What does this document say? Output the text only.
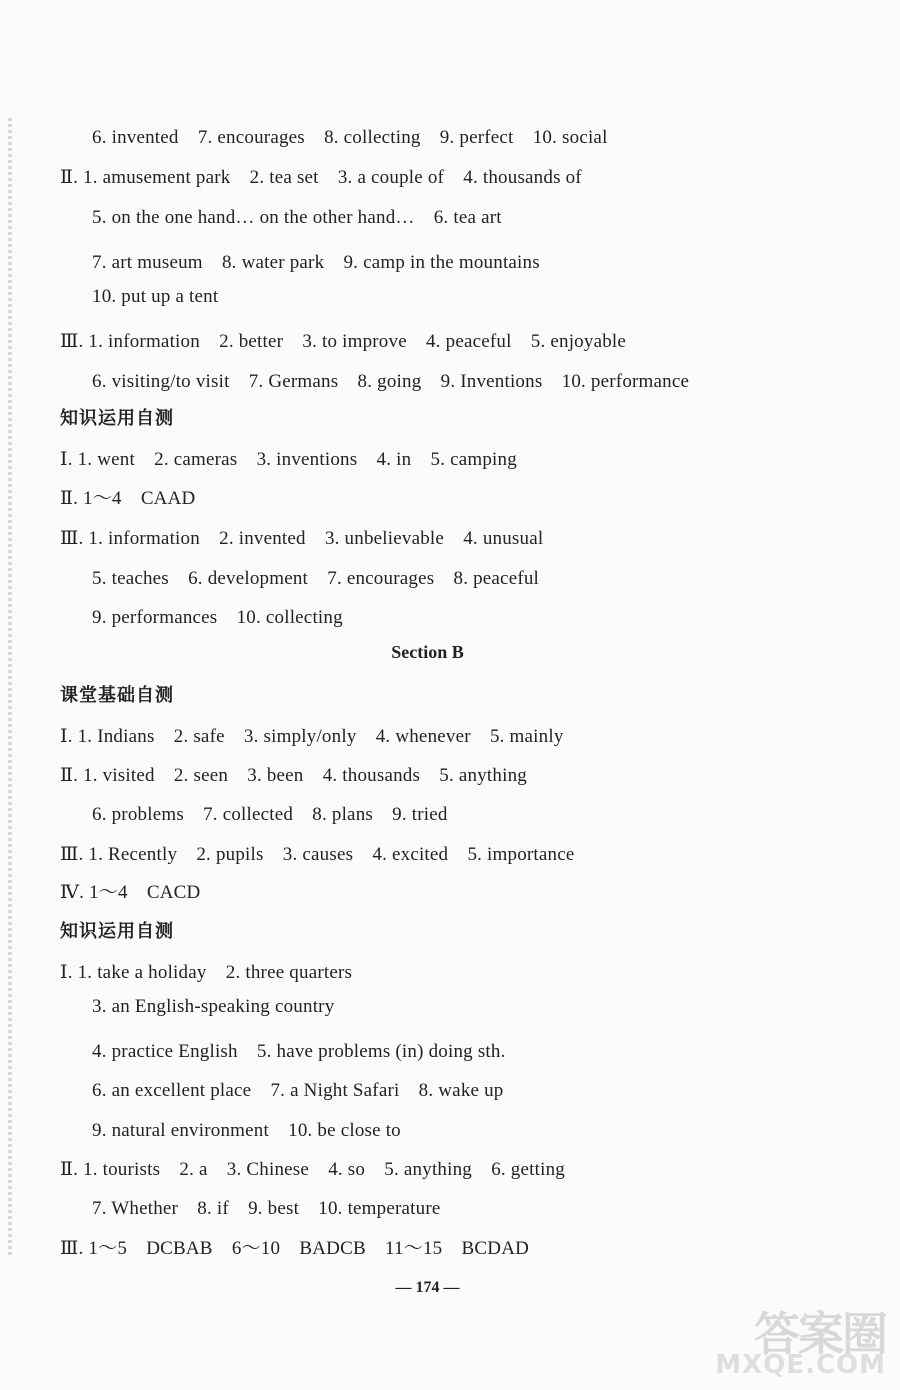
6. invented　7. encourages　8. collecting　9. perfect　10. social
Ⅱ. 1. amusement park　2. tea set　3. a couple of　4. thousands of
5. on the one hand… on the other hand…　6. tea art
7. art museum　8. water park　9. camp in the mountains
10. put up a tent
Ⅲ. 1. information　2. better　3. to improve　4. peaceful　5. enjoyable
6. visiting/to visit　7. Germans　8. going　9. Inventions　10. performance
知识运用自测
Ⅰ. 1. went　2. cameras　3. inventions　4. in　5. camping
Ⅱ. 1～4　CAAD
Ⅲ. 1. information　2. invented　3. unbelievable　4. unusual
5. teaches　6. development　7. encourages　8. peaceful
9. performances　10. collecting
Section B
课堂基础自测
Ⅰ. 1. Indians　2. safe　3. simply/only　4. whenever　5. mainly
Ⅱ. 1. visited　2. seen　3. been　4. thousands　5. anything
6. problems　7. collected　8. plans　9. tried
Ⅲ. 1. Recently　2. pupils　3. causes　4. excited　5. importance
Ⅳ. 1～4　CACD
知识运用自测
Ⅰ. 1. take a holiday　2. three quarters
3. an English-speaking country
4. practice English　5. have problems (in) doing sth.
6. an excellent place　7. a Night Safari　8. wake up
9. natural environment　10. be close to
Ⅱ. 1. tourists　2. a　3. Chinese　4. so　5. anything　6. getting
7. Whether　8. if　9. best　10. temperature
Ⅲ. 1～5　DCBAB　6～10　BADCB　11～15　BCDAD
— 174 —
答案圈
MXQE.COM
